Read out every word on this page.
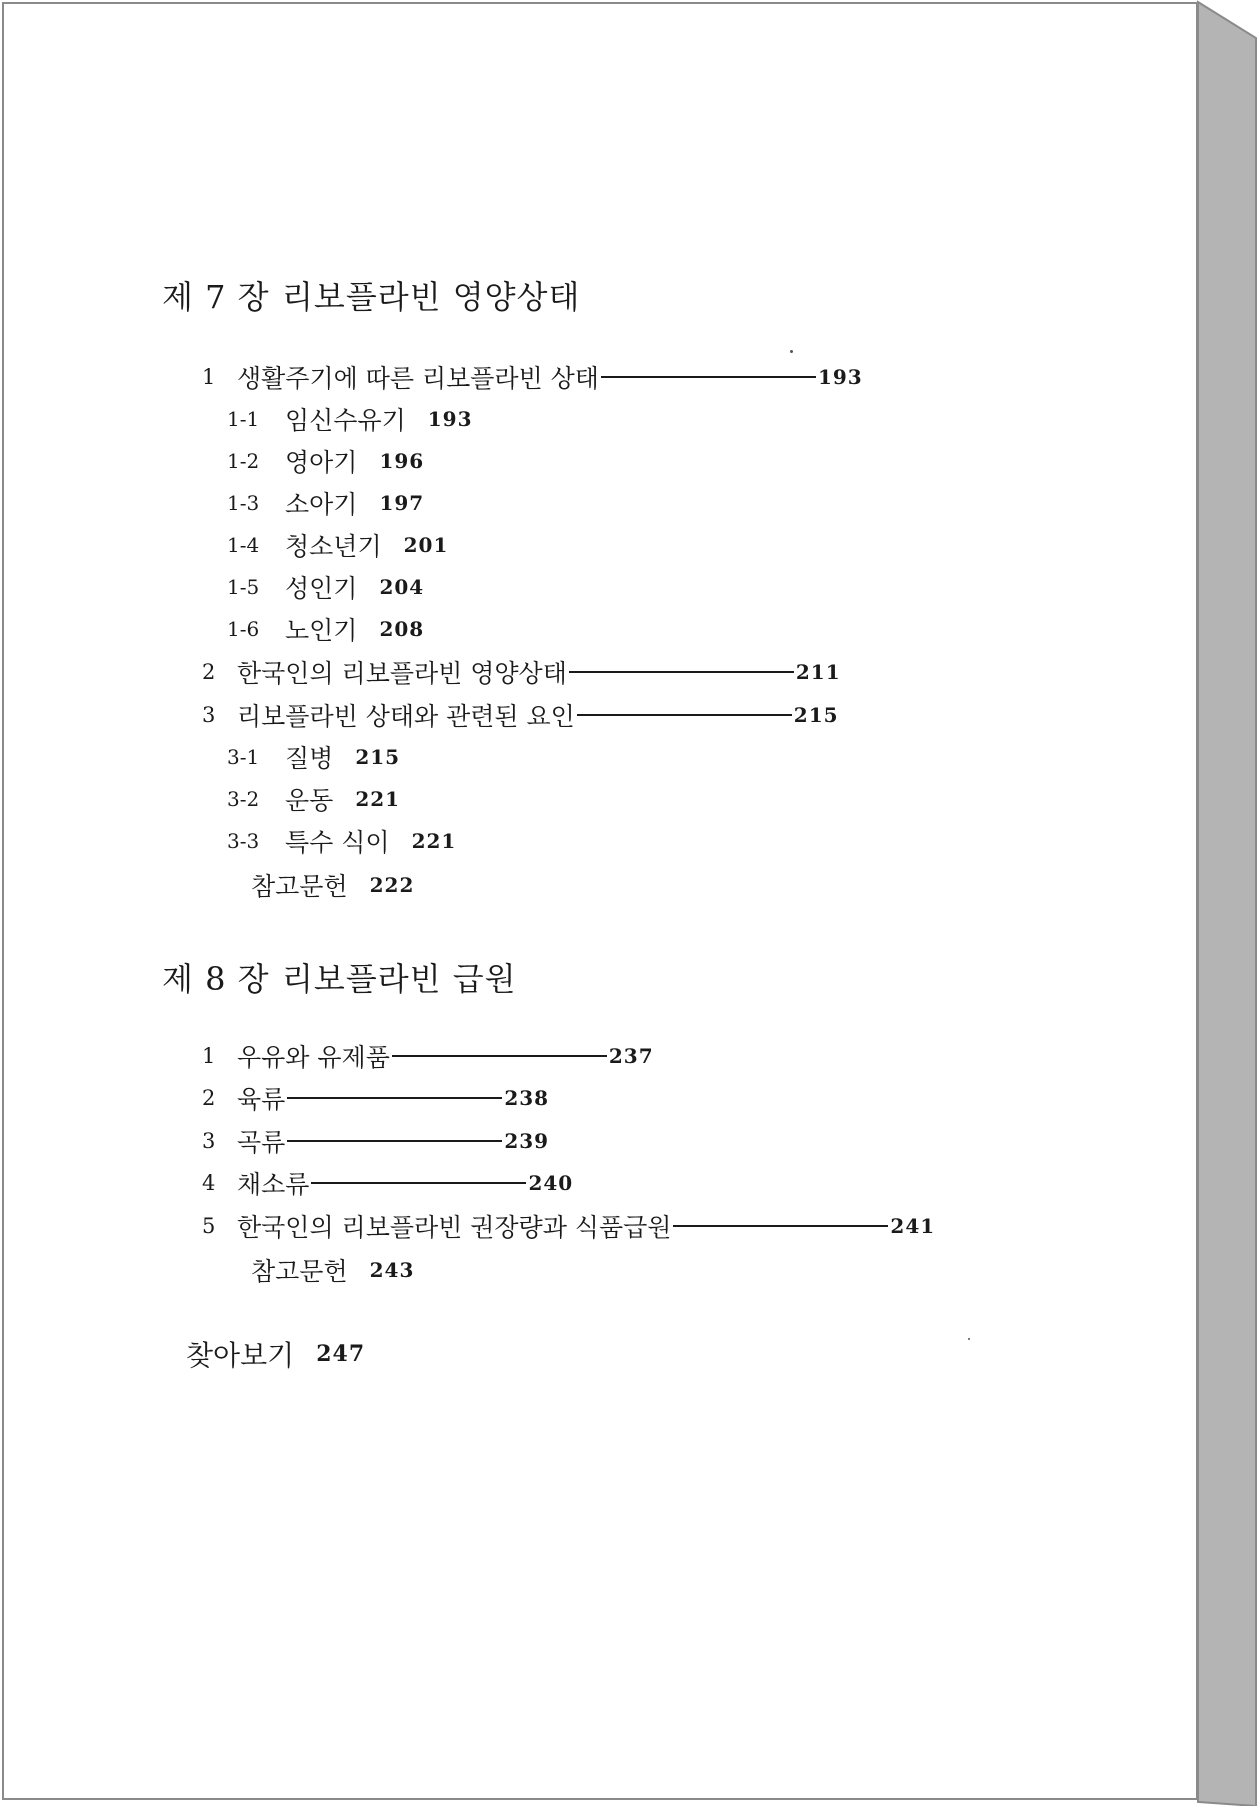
제 7 장 리보플라빈 영양상태
1 생활주기에 따른 리보플라빈 상태	193
1-1	임신수유기 193
1-2	영아기 196
1-3	소아기 197
1-4	청소년기 201
1-5	성인기 204
1-6	노인기 208
2 한국인의 리보플라빈 영양상태	211
3 리보플라빈 상태와 관련된 요인	215
3-1	질병 215
3-2	운동 221
3-3	특수 식이 221
참고문헌 222
제 8 장 리보플라빈 급원
1 우유와 유제품	237
2 육류	238
3 곡류	239
4 채소류	240
5 한국인의 리보플라빈 권장량과 식품급원	241
참고문헌 243
찾아보기 247
